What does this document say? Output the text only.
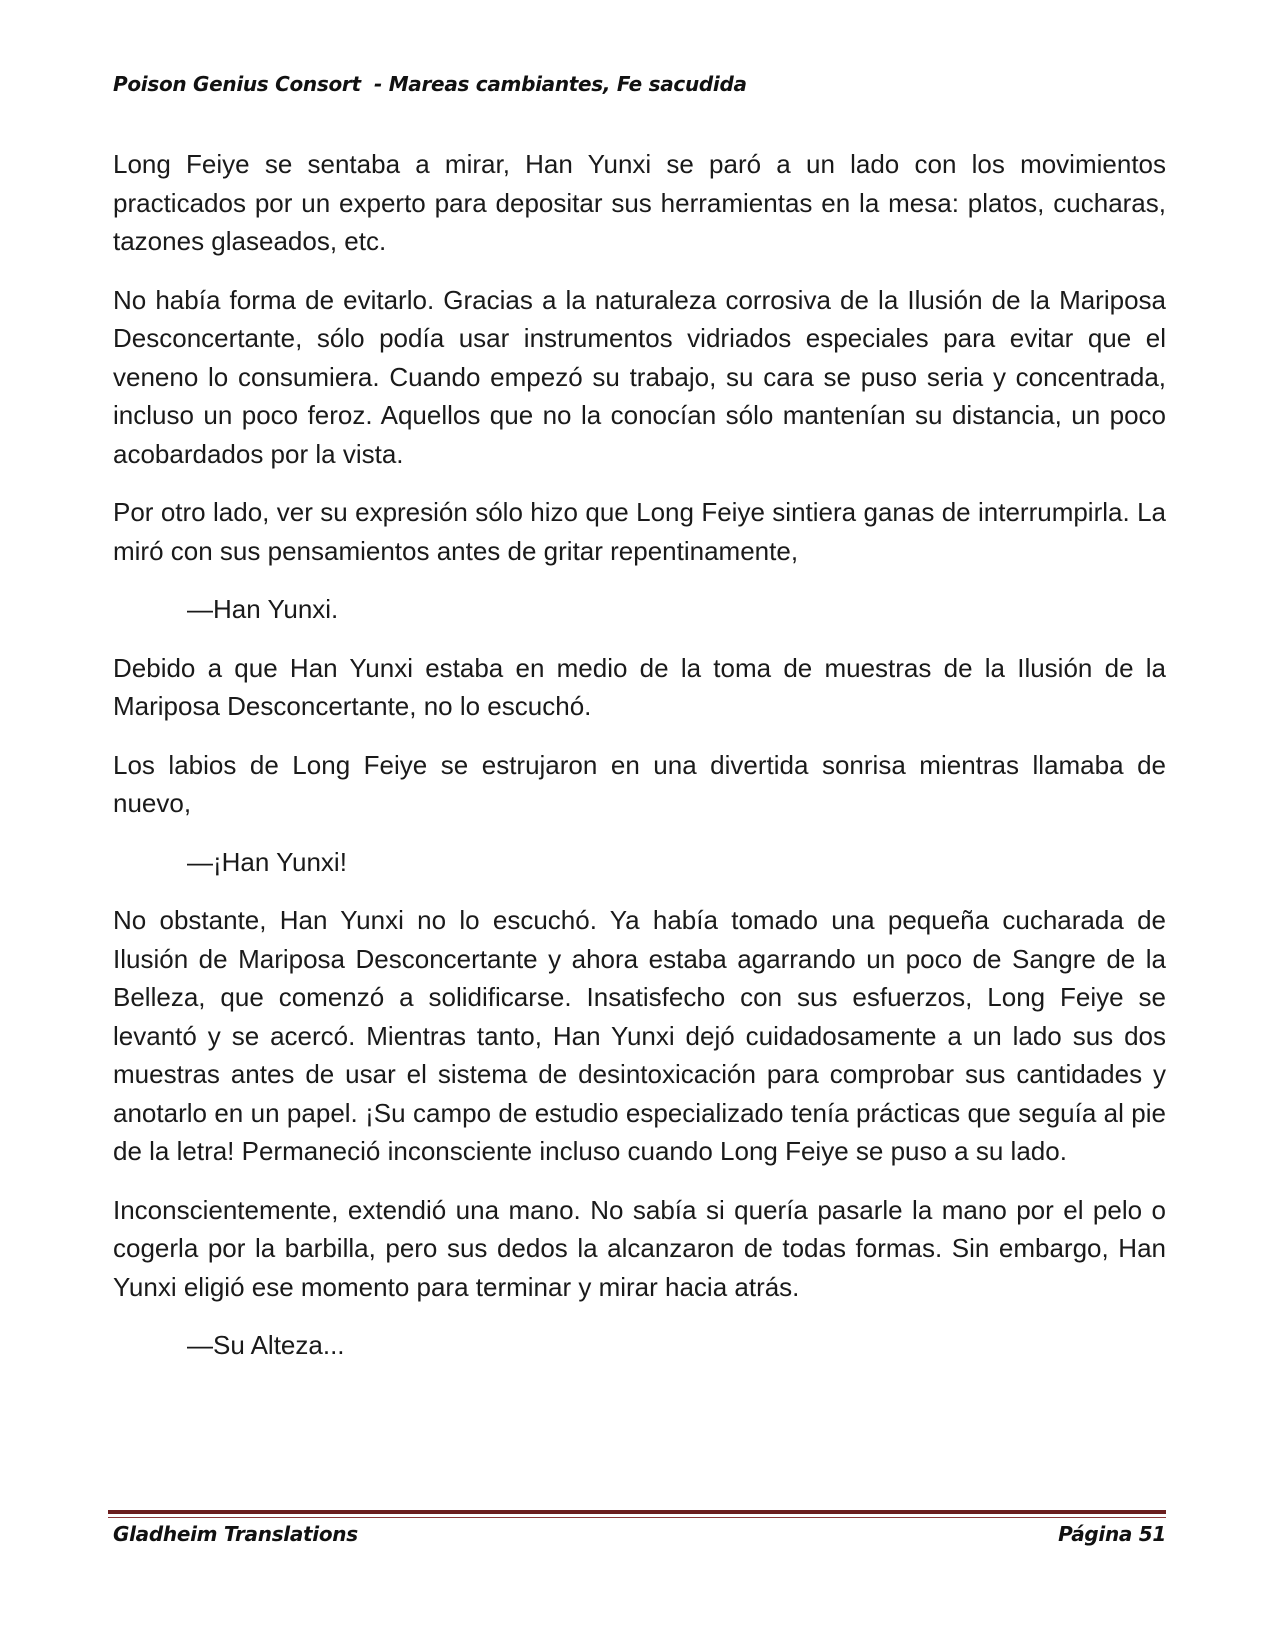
Poison Genius Consort  - Mareas cambiantes, Fe sacudida

Long Feiye se sentaba a mirar, Han Yunxi se paró a un lado con los movimientos practicados por un experto para depositar sus herramientas en la mesa: platos, cucharas, tazones glaseados, etc.

No había forma de evitarlo. Gracias a la naturaleza corrosiva de la Ilusión de la Mariposa Desconcertante, sólo podía usar instrumentos vidriados especiales para evitar que el veneno lo consumiera. Cuando empezó su trabajo, su cara se puso seria y concentrada, incluso un poco feroz. Aquellos que no la conocían sólo mantenían su distancia, un poco acobardados por la vista.

Por otro lado, ver su expresión sólo hizo que Long Feiye sintiera ganas de interrumpirla. La miró con sus pensamientos antes de gritar repentinamente,

—Han Yunxi.

Debido a que Han Yunxi estaba en medio de la toma de muestras de la Ilusión de la Mariposa Desconcertante, no lo escuchó.

Los labios de Long Feiye se estrujaron en una divertida sonrisa mientras llamaba de nuevo,

—¡Han Yunxi!

No obstante, Han Yunxi no lo escuchó. Ya había tomado una pequeña cucharada de Ilusión de Mariposa Desconcertante y ahora estaba agarrando un poco de Sangre de la Belleza, que comenzó a solidificarse. Insatisfecho con sus esfuerzos, Long Feiye se levantó y se acercó. Mientras tanto, Han Yunxi dejó cuidadosamente a un lado sus dos muestras antes de usar el sistema de desintoxicación para comprobar sus cantidades y anotarlo en un papel. ¡Su campo de estudio especializado tenía prácticas que seguía al pie de la letra! Permaneció inconsciente incluso cuando Long Feiye se puso a su lado.

Inconscientemente, extendió una mano. No sabía si quería pasarle la mano por el pelo o cogerla por la barbilla, pero sus dedos la alcanzaron de todas formas. Sin embargo, Han Yunxi eligió ese momento para terminar y mirar hacia atrás.

—Su Alteza...

Gladheim Translations	Página 51
